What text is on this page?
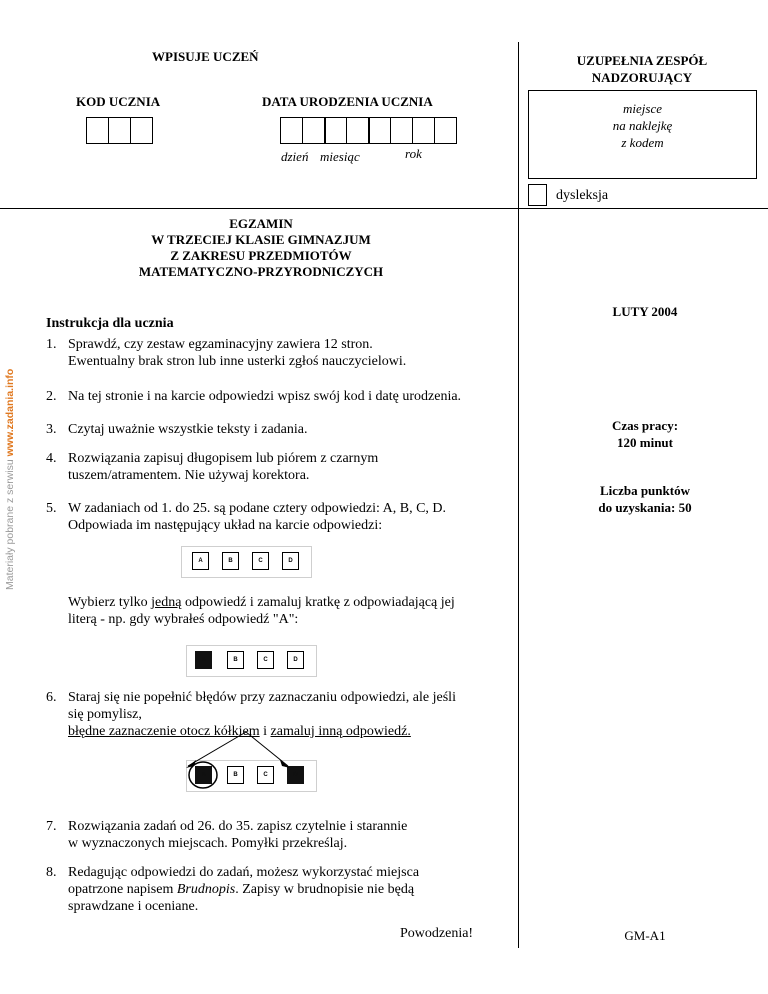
Materiały pobrane z serwisu www.zadania.info
WPISUJE UCZEŃ
KOD UCZNIA	DATA URODZENIA UCZNIA
dzień miesiąc	rok
UZUPEŁNIA ZESPÓŁ
NADZORUJĄCY
miejsce
na naklejkę
z kodem
dysleksja
EGZAMIN
W TRZECIEJ KLASIE GIMNAZJUM
Z ZAKRESU PRZEDMIOTÓW
MATEMATYCZNO-PRZYRODNICZYCH
LUTY 2004
Czas pracy:
120 minut
Liczba punktów
do uzyskania: 50
GM-A1
Instrukcja dla ucznia
1. Sprawdź, czy zestaw egzaminacyjny zawiera 12 stron.
Ewentualny brak stron lub inne usterki zgłoś nauczycielowi.
2. Na tej stronie i na karcie odpowiedzi wpisz swój kod i datę urodzenia.
3. Czytaj uważnie wszystkie teksty i zadania.
4. Rozwiązania zapisuj długopisem lub piórem z czarnym
tuszem/atramentem. Nie używaj korektora.
5. W zadaniach od 1. do 25. są podane cztery odpowiedzi: A, B, C, D.
Odpowiada im następujący układ na karcie odpowiedzi:
A	B	C	D
Wybierz tylko jedną odpowiedź i zamaluj kratkę z odpowiadającą jej
literą - np. gdy wybrałeś odpowiedź "A":
A	B	C	D
6. Staraj się nie popełnić błędów przy zaznaczaniu odpowiedzi, ale jeśli
się pomylisz,
błędne zaznaczenie otocz kółkiem i zamaluj inną odpowiedź.
A	B	C	D
7. Rozwiązania zadań od 26. do 35. zapisz czytelnie i starannie
w wyznaczonych miejscach. Pomyłki przekreślaj.
8. Redagując odpowiedzi do zadań, możesz wykorzystać miejsca
opatrzone napisem Brudnopis. Zapisy w brudnopisie nie będą
sprawdzane i oceniane.
Powodzenia!
